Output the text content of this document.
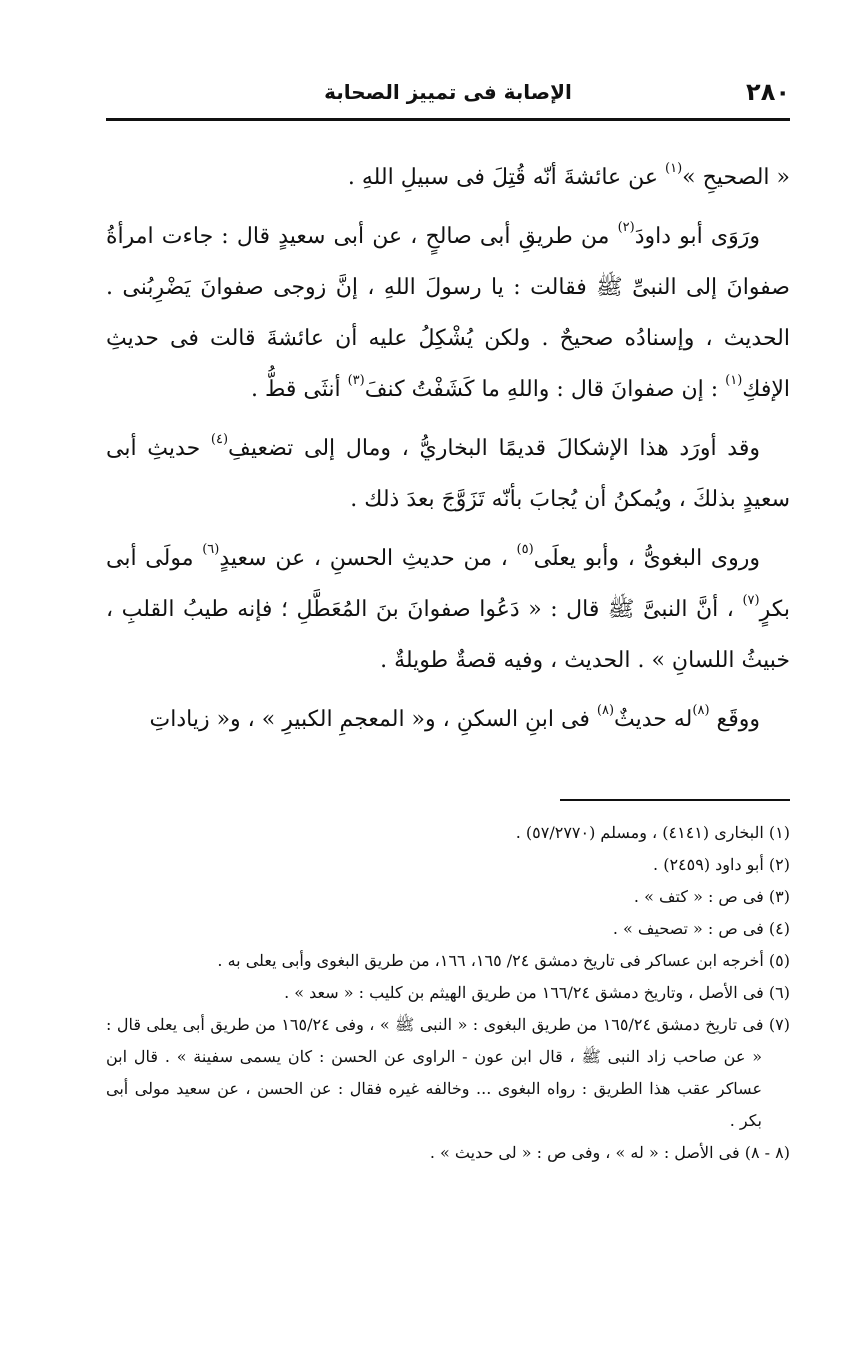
٢٨٠
الإصابة فى تمييز الصحابة

« الصحيحِ »$^{(١)}$ عن عائشةَ أنّه قُتِلَ فى سبيلِ اللهِ .

ورَوَى أبو داودَ$^{(٢)}$ من طريقِ أبى صالحٍ ، عن أبى سعيدٍ قال : جاءت امرأةُ صفوانَ إلى النبىِّ ﷺ فقالت : يا رسولَ اللهِ ، إنَّ زوجى صفوانَ يَضْرِبُنى . الحديث ، وإسنادُه صحيحٌ . ولكن يُشْكِلُ عليه أن عائشةَ قالت فى حديثِ الإفكِ$^{(١)}$ : إن صفوانَ قال : واللهِ ما كَشَفْتُ كنفَ$^{(٣)}$ أنثَى قطُّ .

وقد أورَد هذا الإشكالَ قديمًا البخاريُّ ، ومال إلى تضعيفِ$^{(٤)}$ حديثِ أبى سعيدٍ بذلكَ ، ويُمكنُ أن يُجابَ بأنّه تَزَوَّجَ بعدَ ذلك .

وروى البغوىُّ ، وأبو يعلَى$^{(٥)}$ ، من حديثِ الحسنِ ، عن سعيدٍ$^{(٦)}$ مولَى أبى بكرٍ$^{(٧)}$ ، أنَّ النبىَّ ﷺ قال : « دَعُوا صفوانَ بنَ المُعَطَّلِ ؛ فإنه طيبُ القلبِ ، خبيثُ اللسانِ » . الحديث ، وفيه قصةٌ طويلةٌ .

ووقَع $^{(٨)}$له حديثٌ$^{(٨)}$ فى ابنِ السكنِ ، و« المعجمِ الكبيرِ » ، و« زياداتِ

(١) البخارى (٤١٤١) ، ومسلم (٥٧/٢٧٧٠) .
(٢) أبو داود (٢٤٥٩) .
(٣) فى ص : « كتف » .
(٤) فى ص : « تصحيف » .
(٥) أخرجه ابن عساكر فى تاريخ دمشق ٢٤/ ١٦٥، ١٦٦، من طريق البغوى وأبى يعلى به .
(٦) فى الأصل ، وتاريخ دمشق ١٦٦/٢٤ من طريق الهيثم بن كليب : « سعد » .
(٧) فى تاريخ دمشق ١٦٥/٢٤ من طريق البغوى : « النبى ﷺ » ، وفى ١٦٥/٢٤ من طريق أبى يعلى قال : « عن صاحب زاد النبى ﷺ ، قال ابن عون - الراوى عن الحسن : كان يسمى سفينة » . قال ابن عساكر عقب هذا الطريق : رواه البغوى ... وخالفه غيره فقال : عن الحسن ، عن سعيد مولى أبى بكر .
(٨ - ٨) فى الأصل : « له » ، وفى ص : « لى حديث » .
